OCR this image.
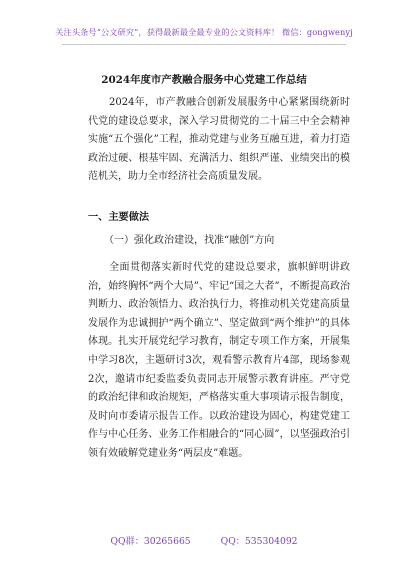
关注头条号“公文研究”，获得最新最全最专业的公文资料库！ 微信：gongwenyj
2024年度市产教融合服务中心党建工作总结

2024年，市产教融合创新发展服务中心紧紧围绕新时代党的建设总要求，深入学习贯彻党的二十届三中全会精神实施“五个强化”工程，推动党建与业务互融互进，着力打造政治过硬、根基牢固、充满活力、组织严谨、业绩突出的模范机关，助力全市经济社会高质量发展。

一、主要做法
（一）强化政治建设，找准“融创”方向

全面贯彻落实新时代党的建设总要求，旗帜鲜明讲政治，始终胸怀“两个大局”、牢记“国之大者”，不断提高政治判断力、政治领悟力、政治执行力，将推动机关党建高质量发展作为忠诚拥护“两个确立”、坚定做到“两个维护”的具体体现。扎实开展党纪学习教育，制定专项工作方案，开展集中学习8次，主题研讨3次，观看警示教育片4部，现场参观2次，邀请市纪委监委负责同志开展警示教育讲座。严守党的政治纪律和政治规矩，严格落实重大事项请示报告制度，及时向市委请示报告工作。以政治建设为固心，构建党建工作与中心任务、业务工作相融合的“同心圆”，以坚强政治引领有效破解党建业务“两层皮”难题。

QQ群：30265665	QQ：535304092
